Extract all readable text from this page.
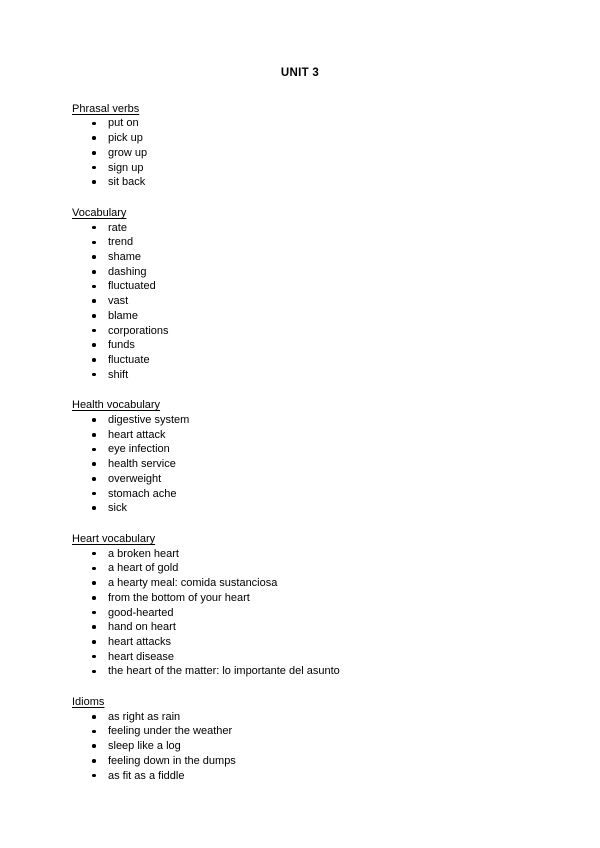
UNIT 3
Phrasal verbs
put on
pick up
grow up
sign up
sit back
Vocabulary
rate
trend
shame
dashing
fluctuated
vast
blame
corporations
funds
fluctuate
shift
Health vocabulary
digestive system
heart attack
eye infection
health service
overweight
stomach ache
sick
Heart vocabulary
a broken heart
a heart of gold
a hearty meal: comida sustanciosa
from the bottom of your heart
good-hearted
hand on heart
heart attacks
heart disease
the heart of the matter: lo importante del asunto
Idioms
as right as rain
feeling under the weather
sleep like a log
feeling down in the dumps
as fit as a fiddle
